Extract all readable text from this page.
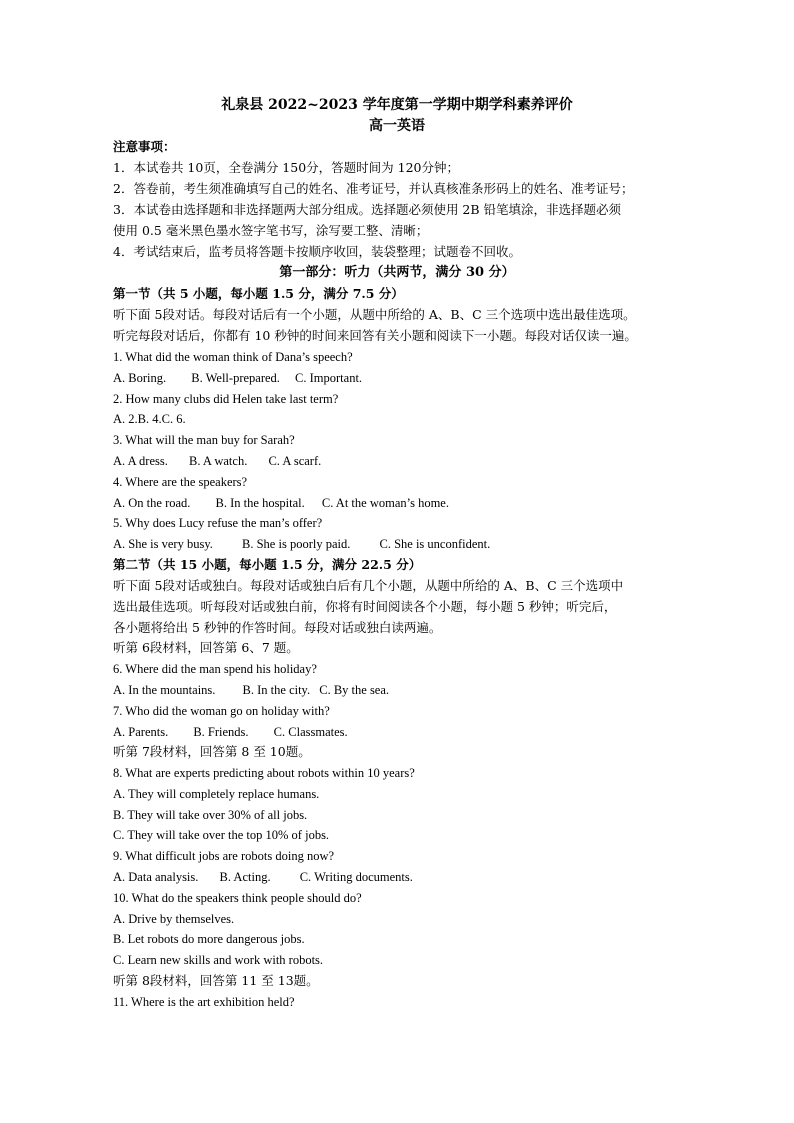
礼泉县 2022~2023 学年度第一学期中期学科素养评价
高一英语
注意事项：
1．本试卷共 10页，全卷满分 150分，答题时间为 120分钟；
2．答卷前，考生须准确填写自己的姓名、准考证号，并认真核准条形码上的姓名、准考证号；
3．本试卷由选择题和非选择题两大部分组成。选择题必须使用 2B 铅笔填涂，非选择题必须
使用 0.5 毫米黑色墨水签字笔书写，涂写要工整、清晰；
4．考试结束后，监考员将答题卡按顺序收回，装袋整理；试题卷不回收。
第一部分：听力（共两节，满分 30 分）
第一节（共 5 小题，每小题 1.5 分，满分 7.5 分）
听下面 5段对话。每段对话后有一个小题，从题中所给的 A、B、C 三个选项中选出最佳选项。
听完每段对话后，你都有 10 秒钟的时间来回答有关小题和阅读下一小题。每段对话仅读一遍。
1. What did the woman think of Dana’s speech?
A. Boring. B. Well-prepared. C. Important.
2. How many clubs did Helen take last term?
A. 2.B. 4.C. 6.
3. What will the man buy for Sarah?
A. A dress. B. A watch. C. A scarf.
4. Where are the speakers?
A. On the road. B. In the hospital. C. At the woman’s home.
5. Why does Lucy refuse the man’s offer?
A. She is very busy. B. She is poorly paid. C. She is unconfident.
第二节（共 15 小题，每小题 1.5 分，满分 22.5 分）
听下面 5段对话或独白。每段对话或独白后有几个小题，从题中所给的 A、B、C 三个选项中
选出最佳选项。听每段对话或独白前，你将有时间阅读各个小题，每小题 5 秒钟；听完后，
各小题将给出 5 秒钟的作答时间。每段对话或独白读两遍。
听第 6段材料，回答第 6、7 题。
6. Where did the man spend his holiday?
A. In the mountains. B. In the city. C. By the sea.
7. Who did the woman go on holiday with?
A. Parents. B. Friends. C. Classmates.
听第 7段材料，回答第 8 至 10题。
8. What are experts predicting about robots within 10 years?
A. They will completely replace humans.
B. They will take over 30% of all jobs.
C. They will take over the top 10% of jobs.
9. What difficult jobs are robots doing now?
A. Data analysis. B. Acting. C. Writing documents.
10. What do the speakers think people should do?
A. Drive by themselves.
B. Let robots do more dangerous jobs.
C. Learn new skills and work with robots.
听第 8段材料，回答第 11 至 13题。
11. Where is the art exhibition held?
